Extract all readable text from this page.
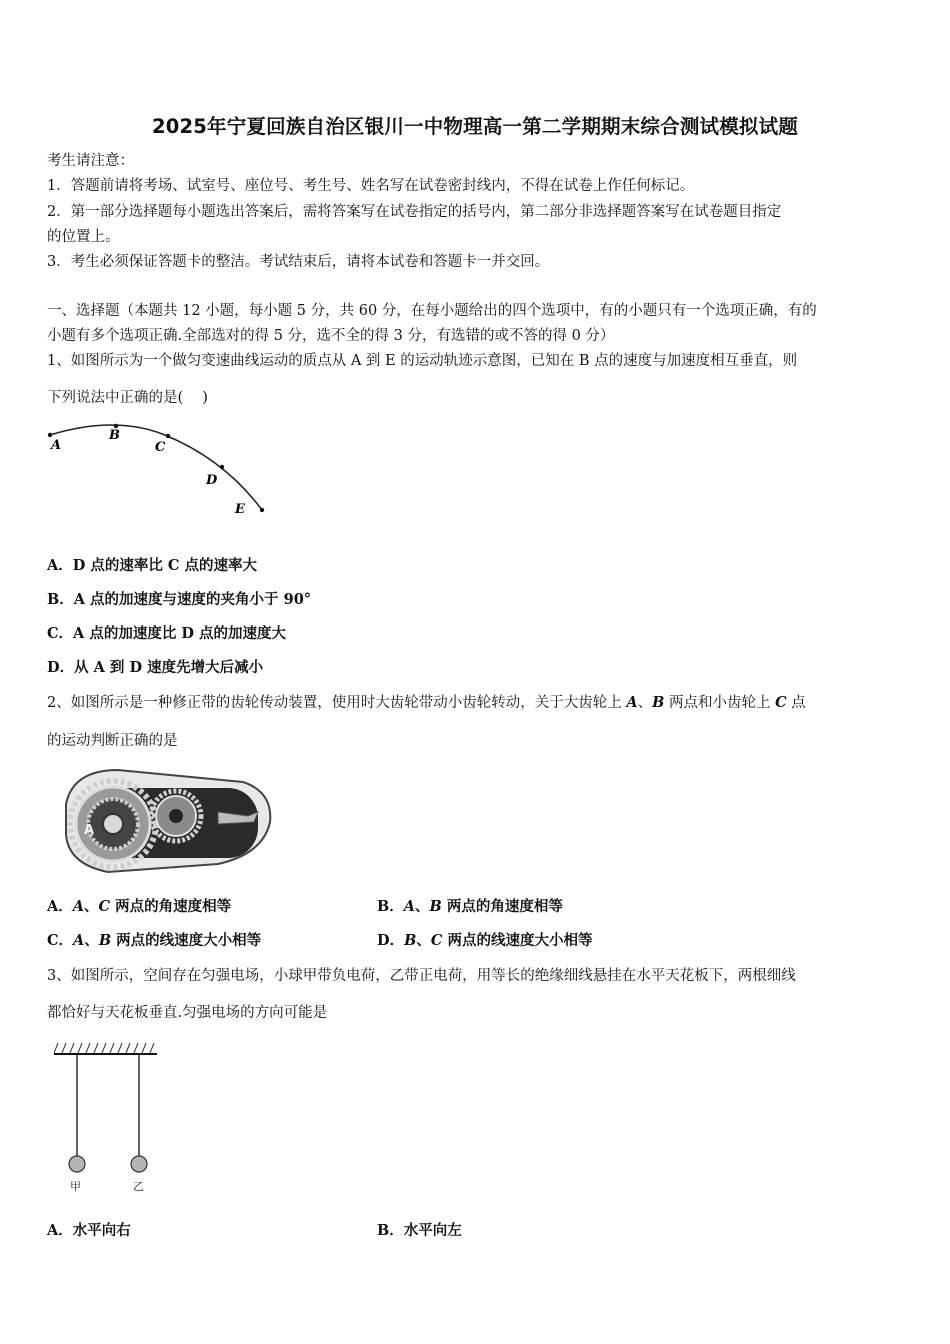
2025年宁夏回族自治区银川一中物理高一第二学期期末综合测试模拟试题
考生请注意：
1．答题前请将考场、试室号、座位号、考生号、姓名写在试卷密封线内，不得在试卷上作任何标记。
2．第一部分选择题每小题选出答案后，需将答案写在试卷指定的括号内，第二部分非选择题答案写在试卷题目指定
的位置上。
3．考生必须保证答题卡的整洁。考试结束后，请将本试卷和答题卡一并交回。
一、选择题（本题共 12 小题，每小题 5 分，共 60 分，在每小题给出的四个选项中，有的小题只有一个选项正确，有的
小题有多个选项正确.全部选对的得 5 分，选不全的得 3 分，有选错的或不答的得 0 分）
1、如图所示为一个做匀变速曲线运动的质点从 A 到 E 的运动轨迹示意图，已知在 B 点的速度与加速度相互垂直，则
下列说法中正确的是(　 )
A
B
C
D
E
A．D 点的速率比 C 点的速率大
B．A 点的加速度与速度的夹角小于 90°
C．A 点的加速度比 D 点的加速度大
D．从 A 到 D 速度先增大后减小
2、如图所示是一种修正带的齿轮传动装置，使用时大齿轮带动小齿轮转动，关于大齿轮上 A、B 两点和小齿轮上 C 点
的运动判断正确的是
A
A．A、C 两点的角速度相等	B．A、B 两点的角速度相等
C．A、B 两点的线速度大小相等	D．B、C 两点的线速度大小相等
3、如图所示，空间存在匀强电场，小球甲带负电荷，乙带正电荷，用等长的绝缘细线悬挂在水平天花板下，两根细线
都恰好与天花板垂直.匀强电场的方向可能是
甲	乙
A．水平向右	B．水平向左
